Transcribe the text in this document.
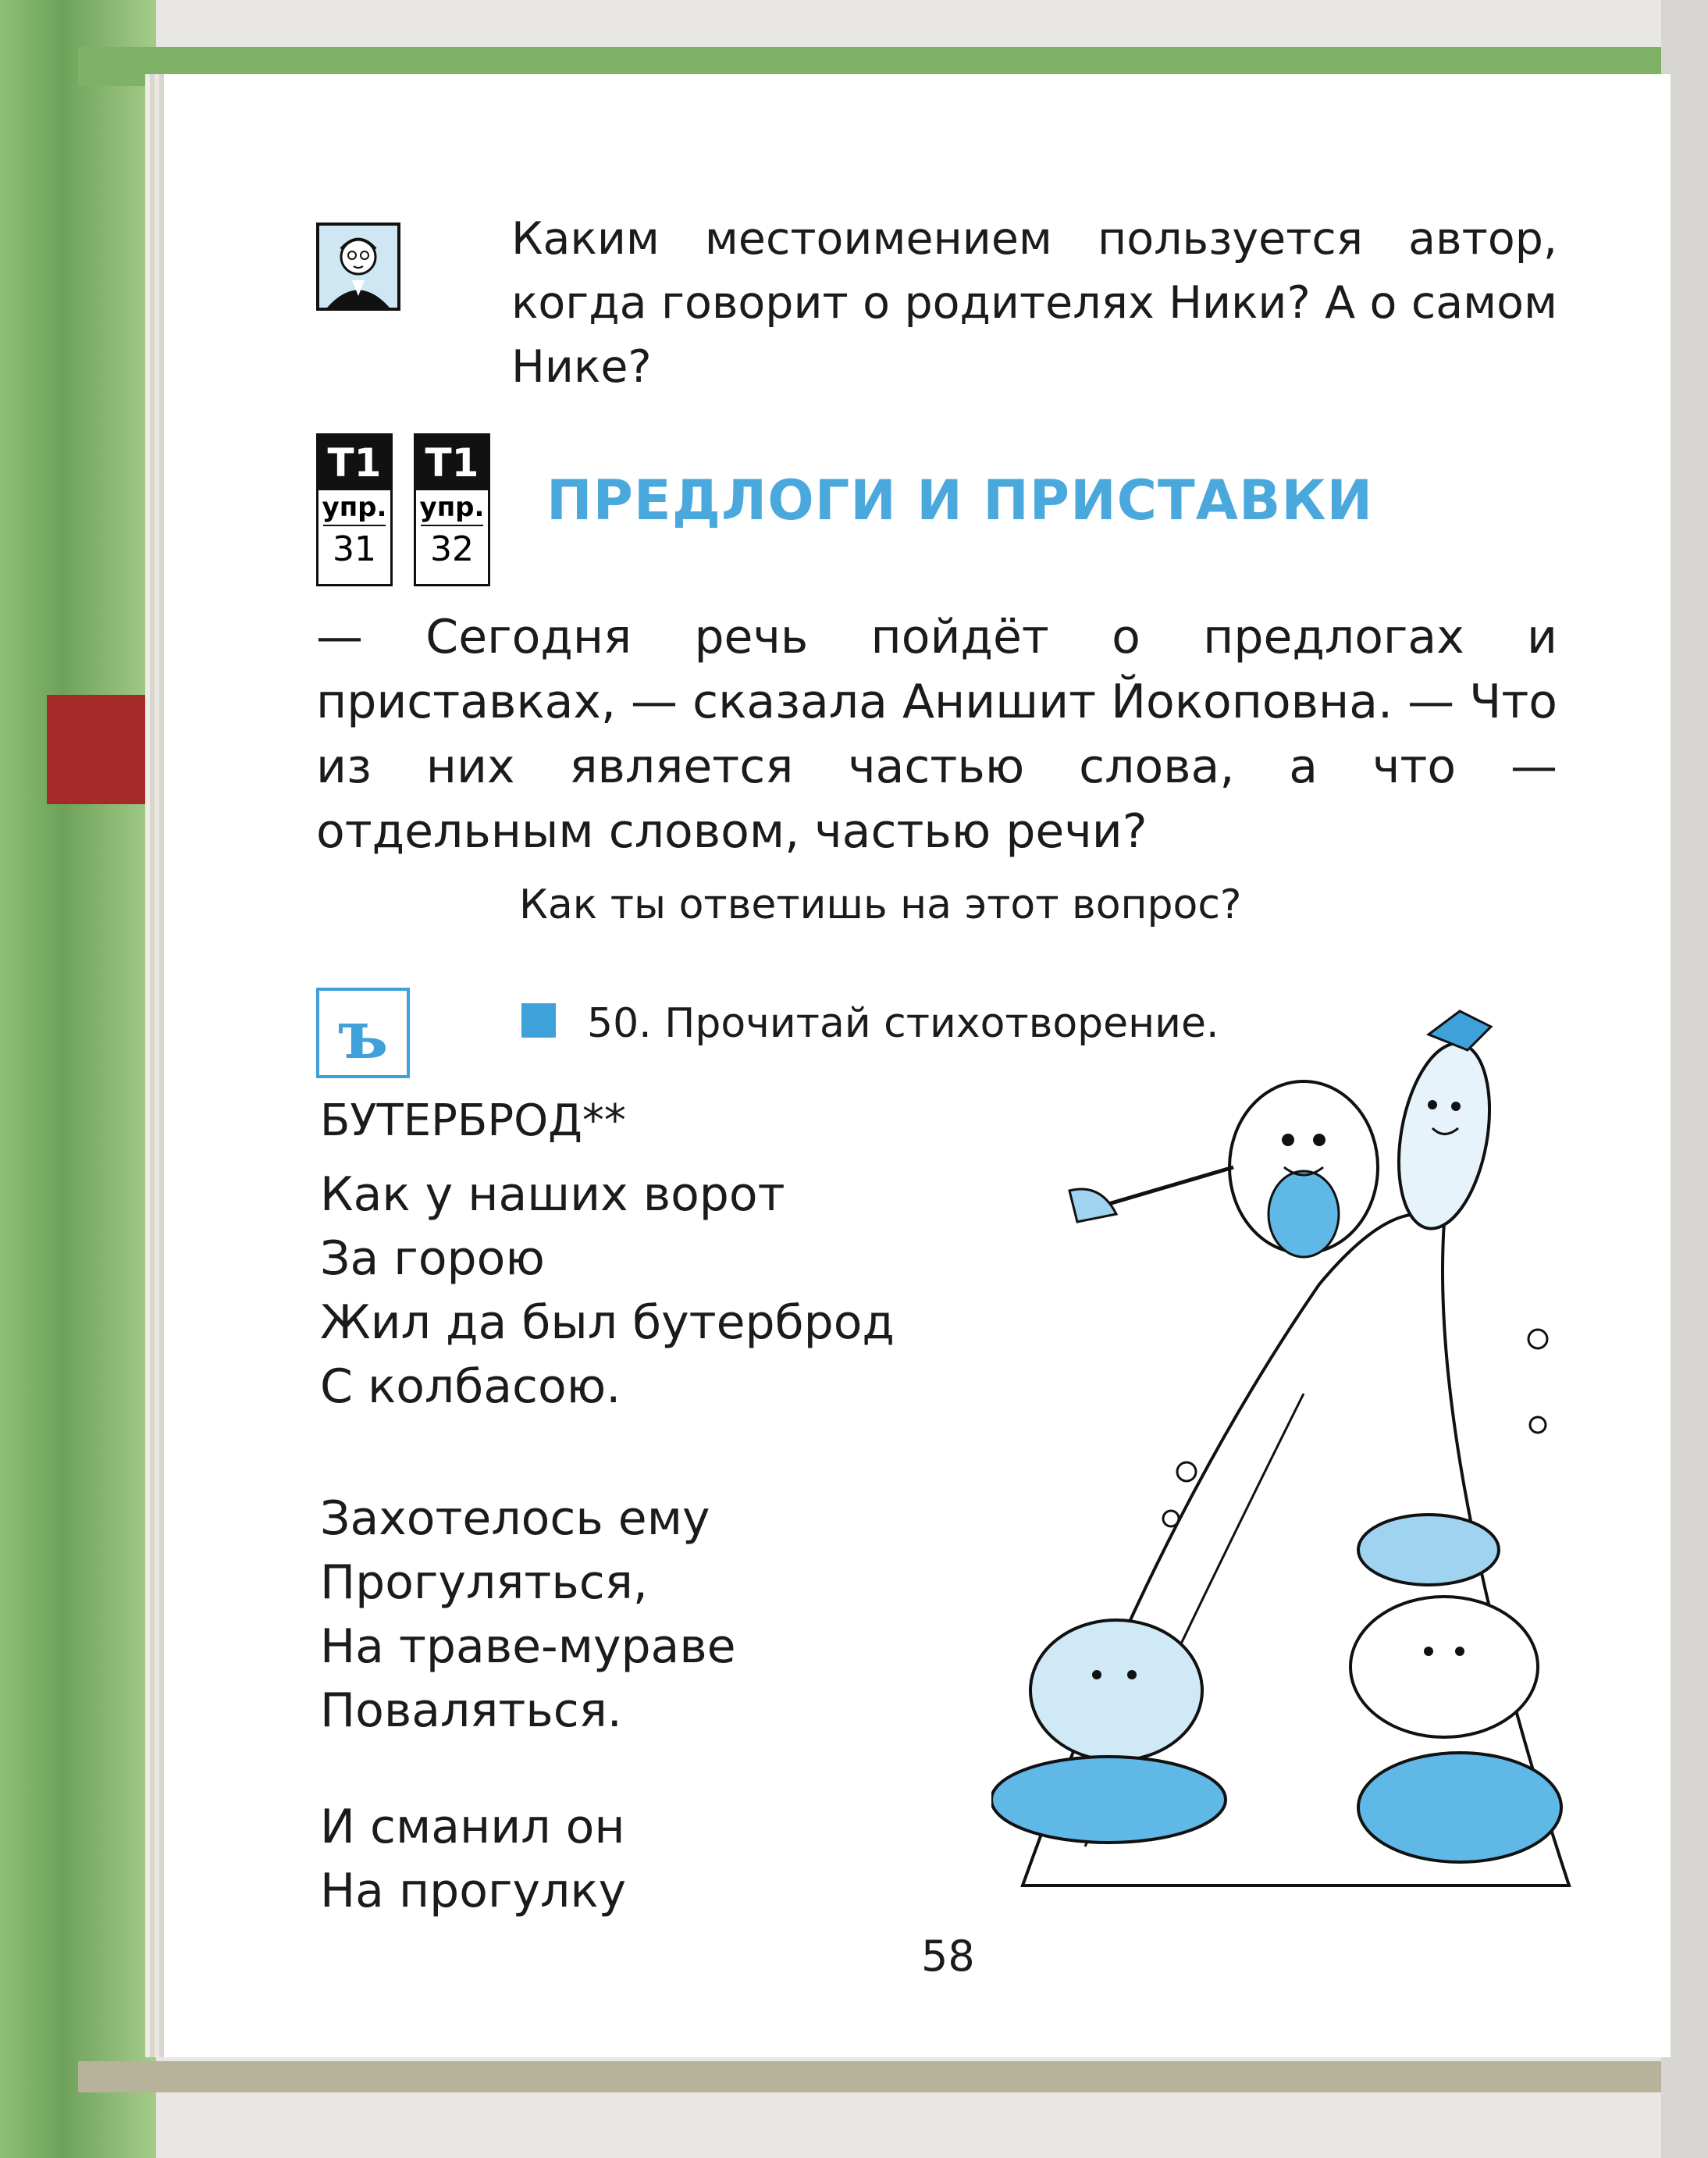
Каким местоимением пользуется автор, когда говорит о родителях Ники? А о самом Нике?
Т1
упр.
31
Т1
упр.
32
ПРЕДЛОГИ И ПРИСТАВКИ
— Сегодня речь пойдёт о предлогах и приставках, — сказала Анишит Йокоповна. — Что из них является частью слова, а что — отдельным словом, частью речи?
Как ты ответишь на этот вопрос?
ъ	50. Прочитай стихотворение.
БУТЕРБРОД**
Как у наших ворот
За горою
Жил да был бутерброд
С колбасою.
Захотелось ему
Прогуляться,
На траве-мураве
Поваляться.
И сманил он
На прогулку
58
